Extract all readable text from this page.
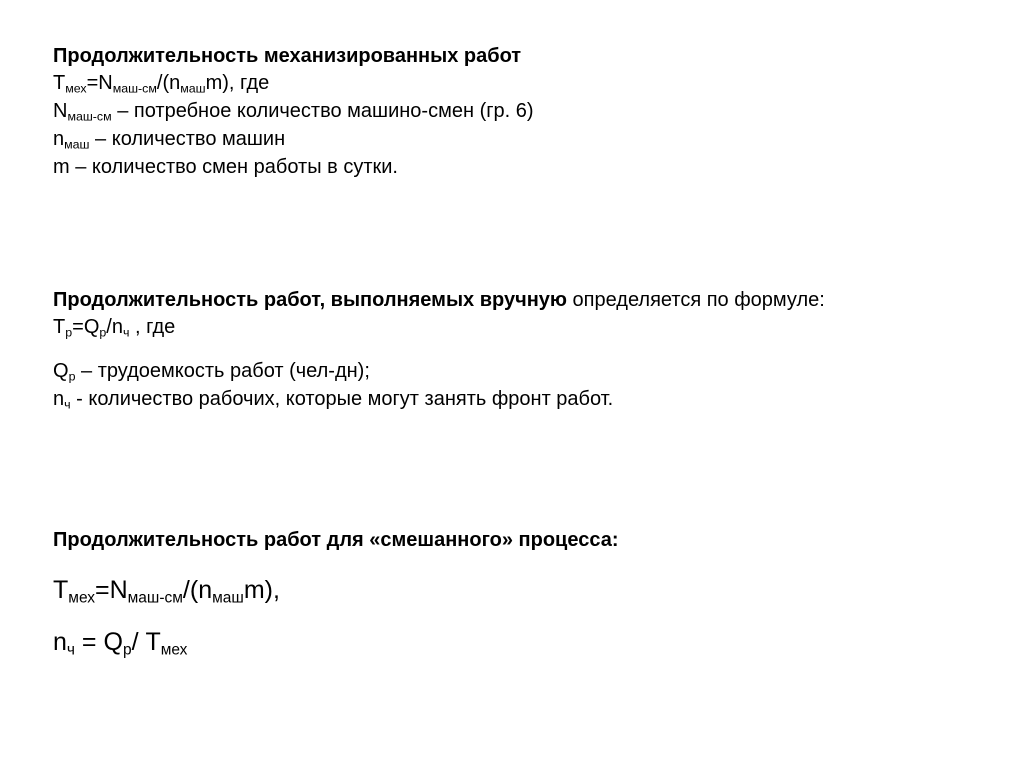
Продолжительность механизированных работ
$T_{мех}=N_{маш-см}/(n_{маш}m)$, где
$N_{маш-см}$ – потребное количество машино-смен (гр. 6)
$n_{маш}$ – количество машин
m – количество смен работы в сутки.
Продолжительность работ, выполняемых вручную определяется по формуле:
$T_р=Q_р/n_ч$ , где
$Q_р$ – трудоемкость работ (чел-дн);
$n_ч$ - количество рабочих, которые могут занять фронт работ.
Продолжительность работ для «смешанного» процесса:
$T_{мех}=N_{маш-см}/(n_{маш}m)$,
$n_ч = Q_р/$ $T_{мех}$
